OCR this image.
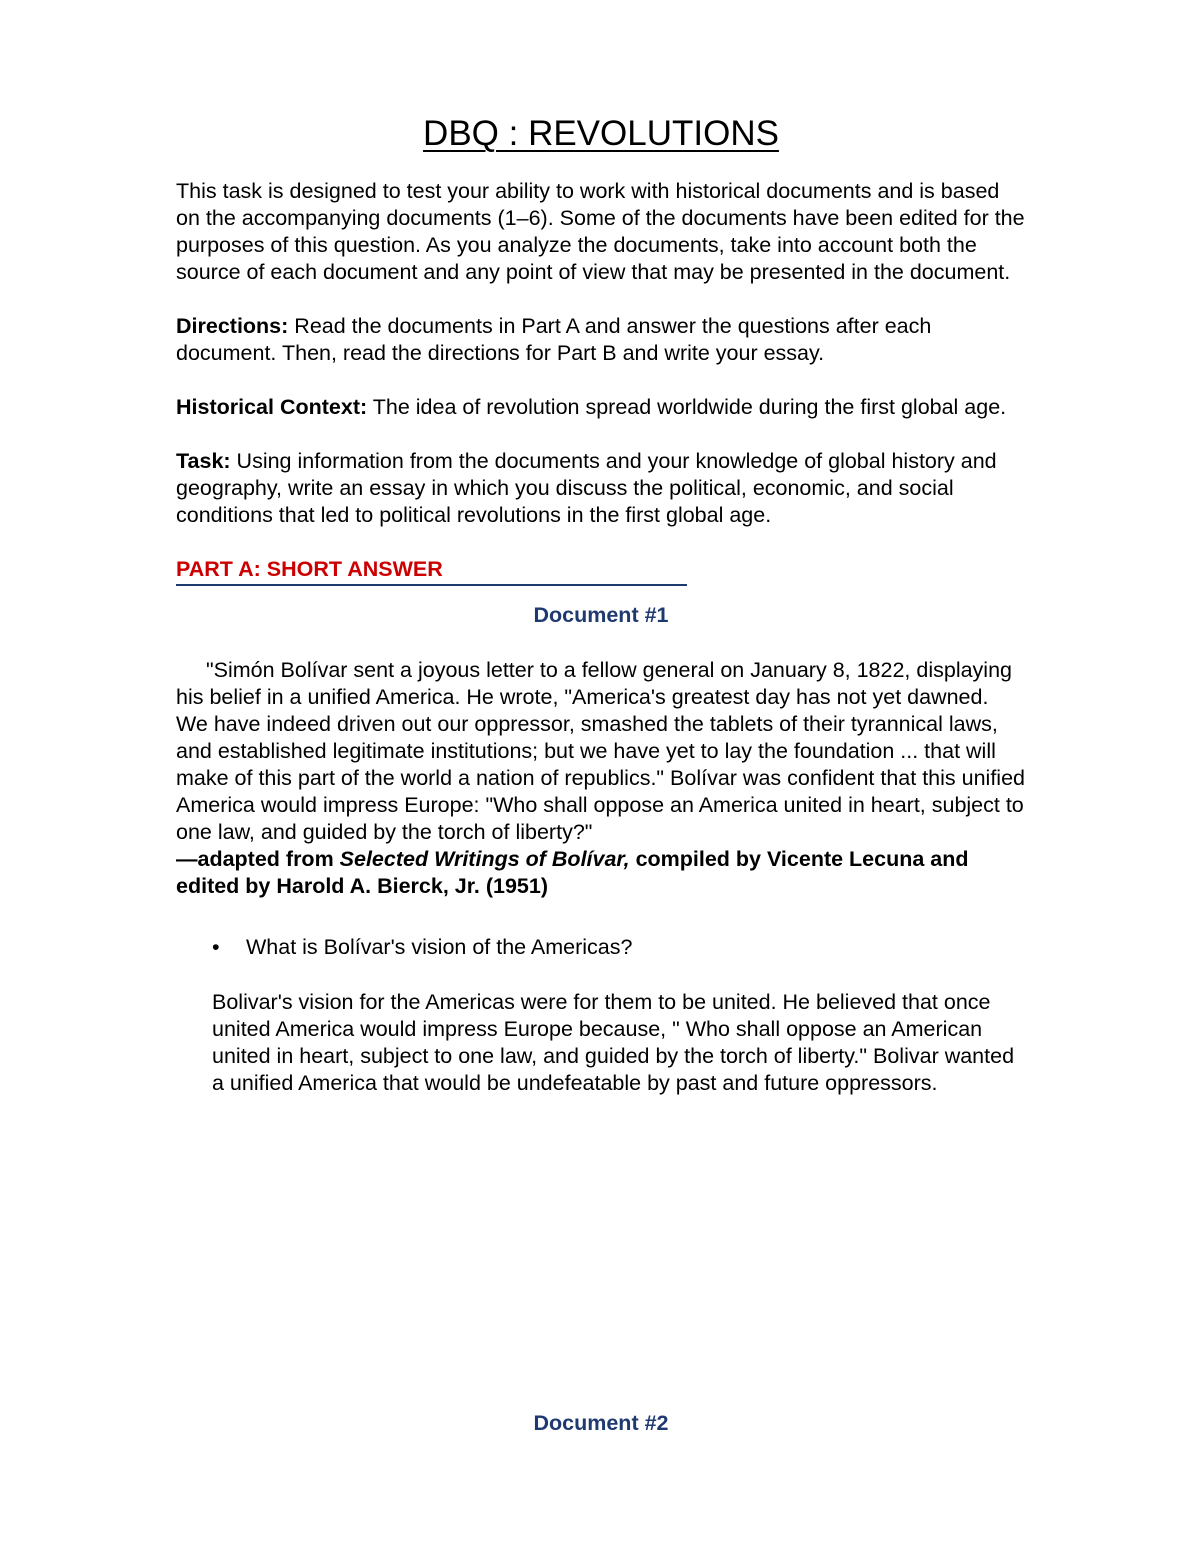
DBQ : REVOLUTIONS

This task is designed to test your ability to work with historical documents and is based on the accompanying documents (1–6). Some of the documents have been edited for the purposes of this question. As you analyze the documents, take into account both the source of each document and any point of view that may be presented in the document.

Directions: Read the documents in Part A and answer the questions after each document. Then, read the directions for Part B and write your essay.

Historical Context: The idea of revolution spread worldwide during the first global age.

Task: Using information from the documents and your knowledge of global history and geography, write an essay in which you discuss the political, economic, and social conditions that led to political revolutions in the first global age.

PART A: SHORT ANSWER
Document #1

"Simón Bolívar sent a joyous letter to a fellow general on January 8, 1822, displaying his belief in a unified America. He wrote, "America's greatest day has not yet dawned. We have indeed driven out our oppressor, smashed the tablets of their tyrannical laws, and established legitimate institutions; but we have yet to lay the foundation ... that will make of this part of the world a nation of republics." Bolívar was confident that this unified America would impress Europe: "Who shall oppose an America united in heart, subject to one law, and guided by the torch of liberty?"

—adapted from Selected Writings of Bolívar, compiled by Vicente Lecuna and edited by Harold A. Bierck, Jr. (1951)

• What is Bolívar's vision of the Americas?

Bolivar's vision for the Americas were for them to be united. He believed that once united America would impress Europe because, " Who shall oppose an American united in heart, subject to one law, and guided by the torch of liberty." Bolivar wanted a unified America that would be undefeatable by past and future oppressors.

Document #2
